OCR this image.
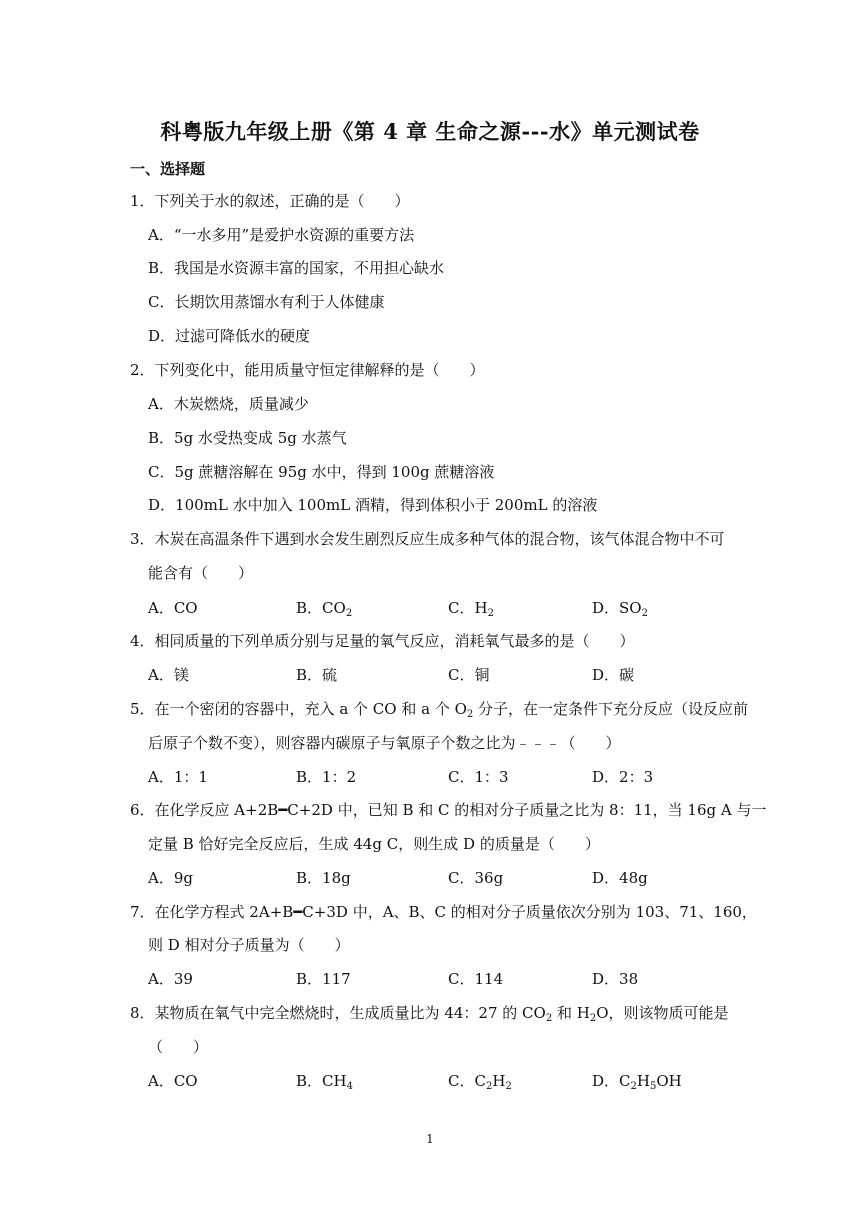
科粤版九年级上册《第 4 章 生命之源---水》单元测试卷
一、选择题
1．下列关于水的叙述，正确的是（　　）
A．“一水多用”是爱护水资源的重要方法
B．我国是水资源丰富的国家，不用担心缺水
C．长期饮用蒸馏水有利于人体健康
D．过滤可降低水的硬度
2．下列变化中，能用质量守恒定律解释的是（　　）
A．木炭燃烧，质量减少
B．5g 水受热变成 5g 水蒸气
C．5g 蔗糖溶解在 95g 水中，得到 100g 蔗糖溶液
D．100mL 水中加入 100mL 酒精，得到体积小于 200mL 的溶液
3．木炭在高温条件下遇到水会发生剧烈反应生成多种气体的混合物，该气体混合物中不可
能含有（　　）
A．CO	B．$CO_2$	C．$H_2$	D．$SO_2$
4．相同质量的下列单质分别与足量的氧气反应，消耗氧气最多的是（　　）
A．镁	B．硫	C．铜	D．碳
5．在一个密闭的容器中，充入 a 个 CO 和 a 个 $O_2$ 分子，在一定条件下充分反应（设反应前
后原子个数不变），则容器内碳原子与氧原子个数之比为﹣﹣﹣（　　）
A．1：1	B．1：2	C．1：3	D．2：3
6．在化学反应 A+2B━C+2D 中，已知 B 和 C 的相对分子质量之比为 8：11，当 16g A 与一
定量 B 恰好完全反应后，生成 44g C，则生成 D 的质量是（　　）
A．9g	B．18g	C．36g	D．48g
7．在化学方程式 2A+B━C+3D 中，A、B、C 的相对分子质量依次分别为 103、71、160，
则 D 相对分子质量为（　　）
A．39	B．117	C．114	D．38
8．某物质在氧气中完全燃烧时，生成质量比为 44：27 的 $CO_2$ 和 $H_2O$，则该物质可能是
（　　）
A．CO	B．$CH_4$	C．$C_2H_2$	D．$C_2H_5OH$
1
